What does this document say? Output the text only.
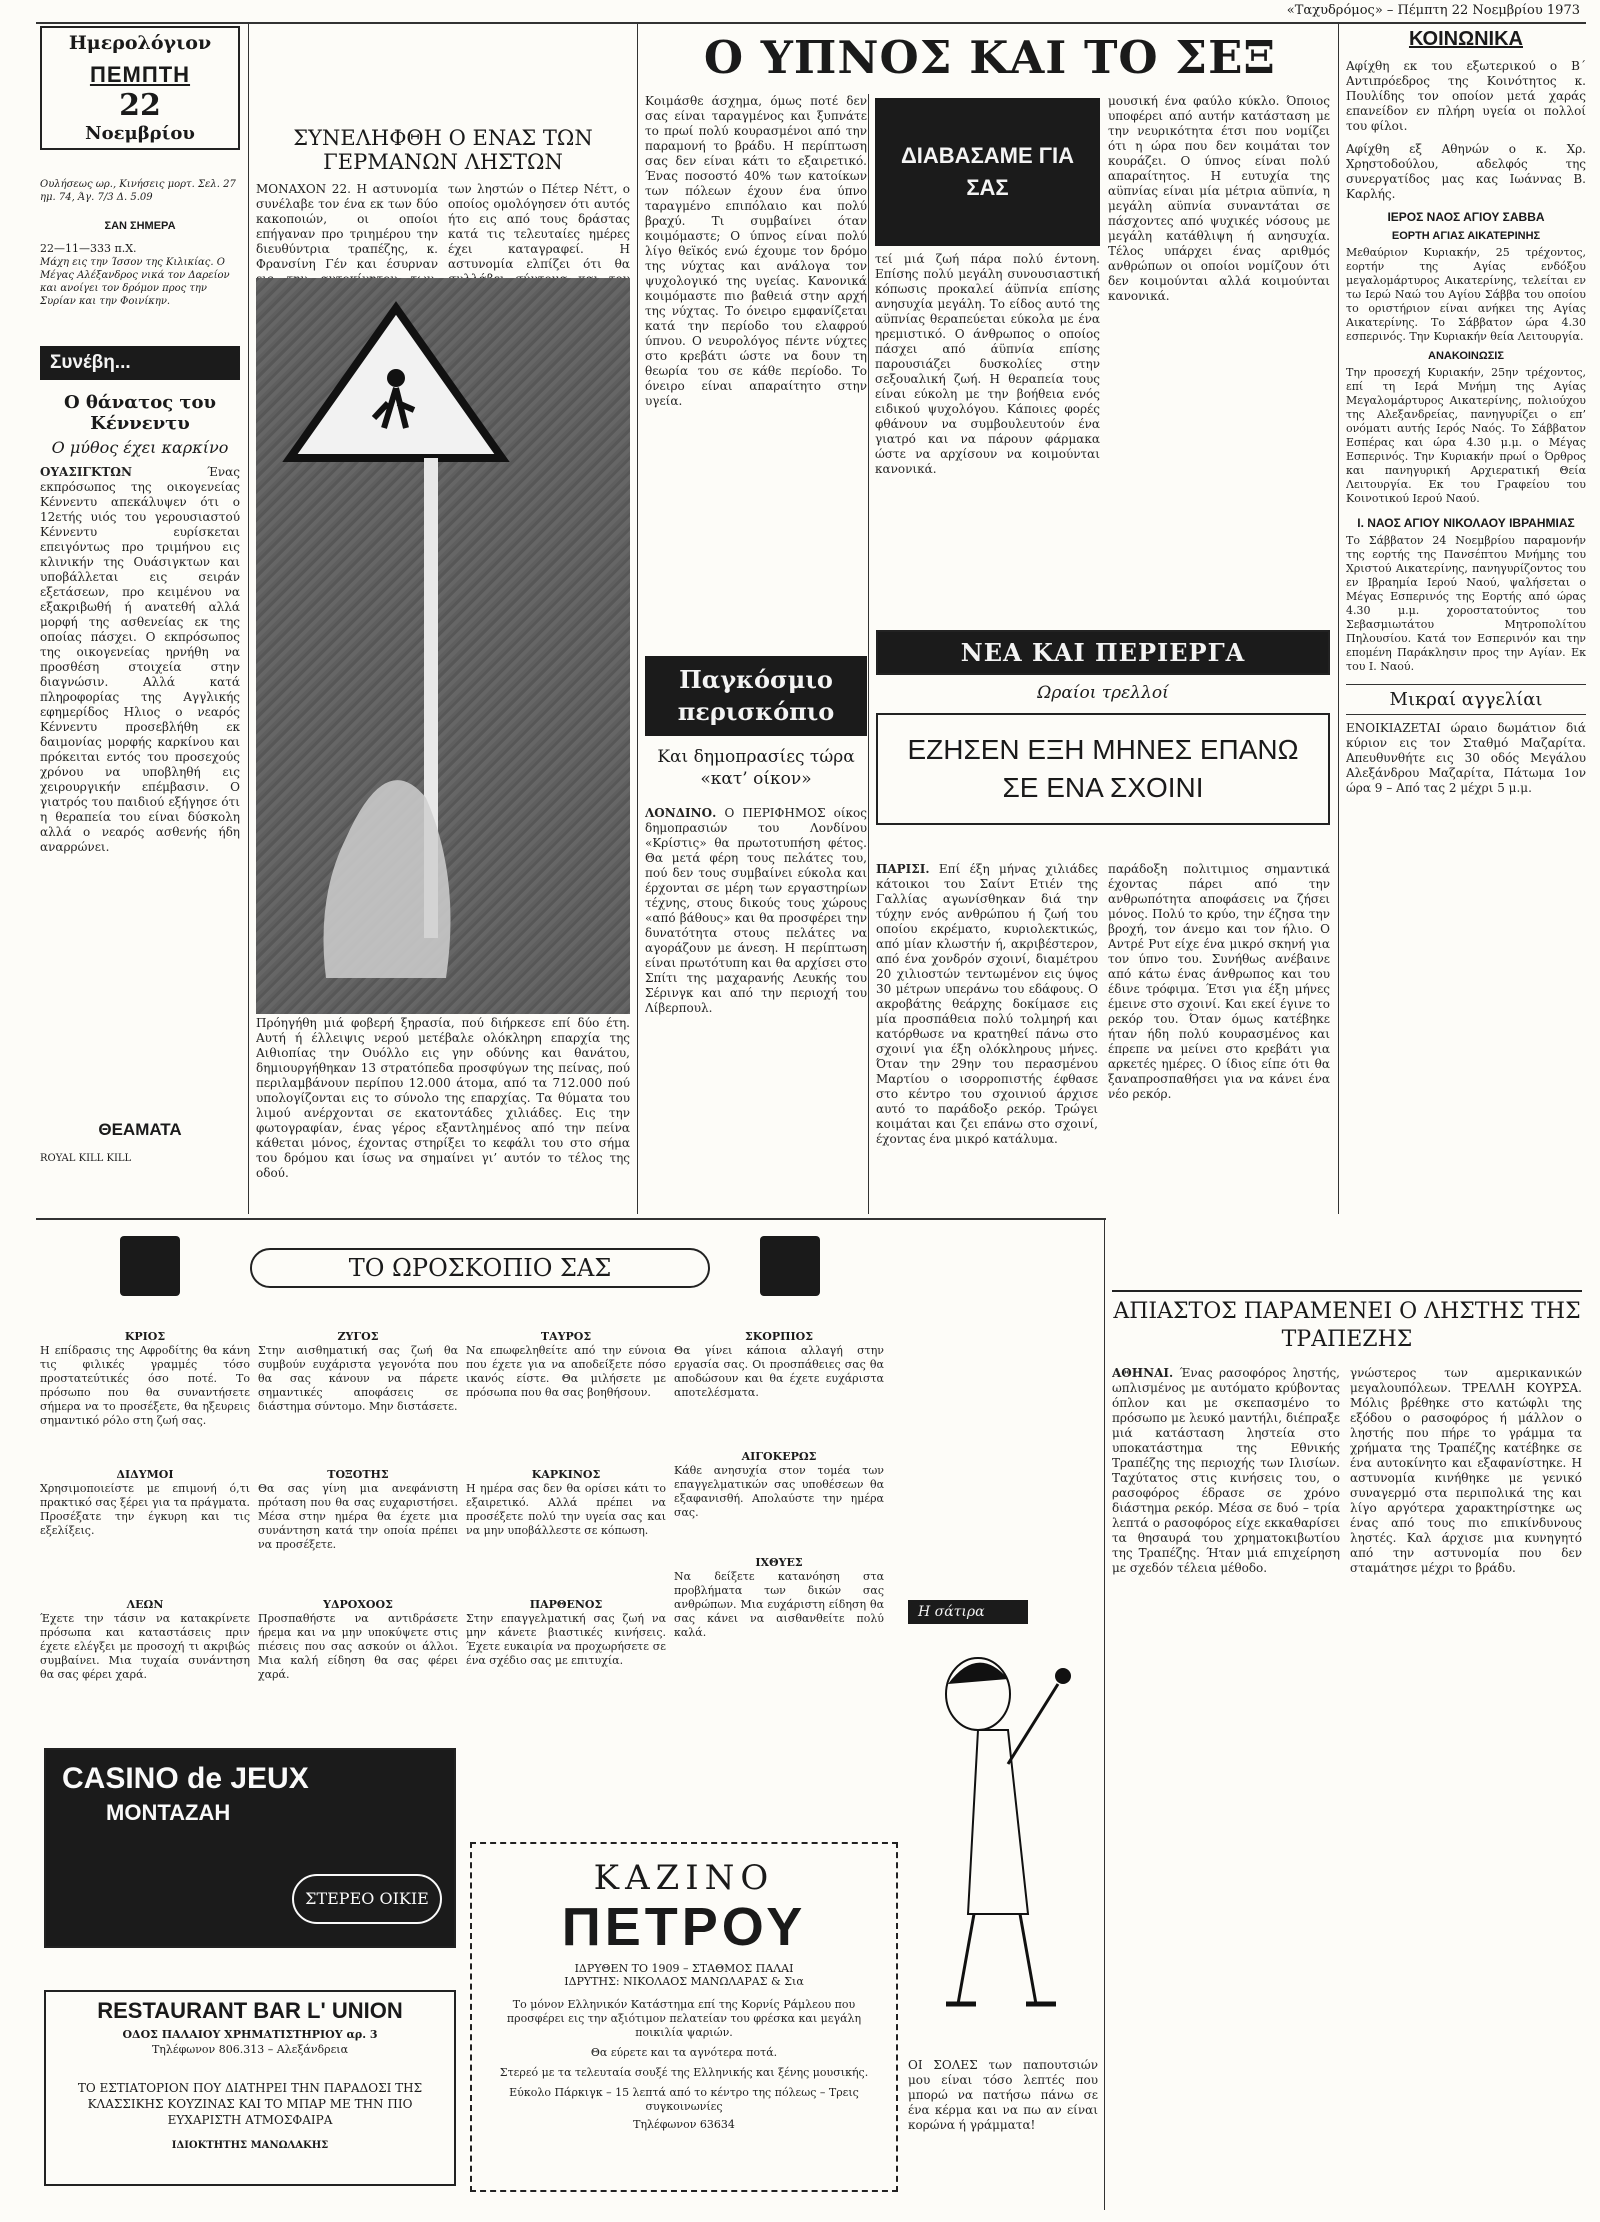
«Ταχυδρόμος» – Πέμπτη 22 Νοεμβρίου 1973
Ημερολόγιον
ΠΕΜΠΤΗ
22
Νοεμβρίου
Ουλήσεως ωρ., Κινήσεις μορτ. Σελ. 27 ημ. 74, Άγ. 7/3 Δ. 5.09
ΣΑΝ ΣΗΜΕΡΑ
22—11—333 π.Χ.
Μάχη εις την Ίσσον της Κιλικίας. Ο Μέγας Αλέξανδρος νικά τον Δαρείον και ανοίγει τον δρόμον προς την Συρίαν και την Φοινίκην.
Συνέβη...
Ο θάνατος του Κέννεντυ
Ο μύθος έχει καρκίνο
ΟΥΑΣΙΓΚΤΩΝ	Ένας εκπρόσωπος της οικογενείας Κέννεντυ απεκάλυψεν ότι ο 12ετής υιός του γερουσιαστού Κέννεντυ ευρίσκεται επειγόντως προ τριμήνου εις κλινικήν της Ουάσιγκτων και υποβάλλεται εις σειράν εξετάσεων, προ κειμένου να εξακριβωθή ή ανατεθή αλλά μορφή της ασθενείας εκ της οποίας πάσχει. Ο εκπρόσωπος της οικογενείας ηρνήθη να προσθέση στοιχεία στην διαγνώσιν. Αλλά κατά πληροφορίας της Αγγλικής εφημερίδος Ηλιος ο νεαρός Κέννεντυ προσεβλήθη εκ δαιμονίας μορφής καρκίνου και πρόκειται εντός του προσεχούς χρόνου να υποβληθή εις χειρουργικήν επέμβασιν. Ο γιατρός του παιδιού εξήγησε ότι η θεραπεία του είναι δύσκολη αλλά ο νεαρός ασθενής ήδη αναρρώνει.
ΘΕΑΜΑΤΑ
ROYAL KILL KILL
ΣΥΝΕΛΗΦΘΗ Ο ΕΝΑΣ ΤΩΝ ΓΕΡΜΑΝΩΝ ΛΗΣΤΩΝ
ΜΟΝΑΧΟΝ 22. Η αστυνομία συνέλαβε τον ένα εκ των δύο κακοποιών, οι οποίοι επήγαναν προ τριημέρου την διευθύντρια τραπέζης, κ. Φρανσίνη Γέν και έσυρναν των ληστών ο Πέτερ Νέττ, ο οποίος ομολόγησεν ότι αυτός ήτο εις από τους δράστας κατά τις τελευταίες ημέρες έχει καταγραφεί. Η αστυνομία ελπίζει ότι θα
Πρόηγήθη μιά φοβερή ξηρασία, πού διήρκεσε επί δύο έτη. Αυτή ή έλλειψις νερού μετέβαλε ολόκληρη επαρχία της Αιθιοπίας την Ουόλλο εις γην οδύνης και θανάτου, δημιουργήθηκαν 13 στρατόπεδα προσφύγων της πείνας, πού περιλαμβάνουν περίπου 12.000 άτομα, από τα 712.000 πού υπολογίζονται εις το σύνολο της επαρχίας. Τα θύματα του λιμού ανέρχονται σε εκατοντάδες χιλιάδες. Εις την φωτογραφίαν, ένας γέρος εξαντλημένος από την πείνα κάθεται μόνος, έχοντας στηρίξει το κεφάλι του στο σήμα του δρόμου και ίσως να σημαίνει γι’ αυτόν το τέλος της οδού.
Ο ΥΠΝΟΣ ΚΑΙ ΤΟ ΣΕΞ
Κοιμάσθε άσχημα, όμως ποτέ δεν σας είναι ταραγμένος και ξυπνάτε το πρωί πολύ κουρασμένοι από την παραμονή το βράδυ. Η περίπτωση σας δεν είναι κάτι το εξαιρετικό. Ένας ποσοστό 40% των κατοίκων των πόλεων έχουν ένα ύπνο ταραγμένο επιπόλαιο και πολύ βραχύ. Τι συμβαίνει όταν κοιμόμαστε; Ο ύπνος είναι πολύ λίγο θεϊκός ενώ έχουμε τον δρόμο της νύχτας και ανάλογα τον ψυχολογικό της υγείας. Κανονικά κοιμόμαστε πιο βαθειά στην αρχή της νύχτας. Το όνειρο εμφανίζεται κατά την περίοδο του ελαφρού ύπνου. Ο νευρολόγος πέντε νύχτες στο κρεβάτι ώστε να δουν τη θεωρία του σε κάθε περίοδο. Το όνειρο είναι απαραίτητο στην υγεία.
ΔΙΑΒΑΣΑΜΕ ΓΙΑ ΣΑΣ
τεί μιά ζωή πάρα πολύ έντονη. Επίσης πολύ μεγάλη συνουσιαστική κόπωσις προκαλεί άϋπνία επίσης ανησυχία μεγάλη. Το είδος αυτό της αϋπνίας θεραπεύεται εύκολα με ένα ηρεμιστικό. Ο άνθρωπος ο οποίος πάσχει από άϋπνία επίσης παρουσιάζει δυσκολίες στην σεξουαλική ζωή. Η θεραπεία τους είναι εύκολη με την βοήθεια ενός ειδικού ψυχολόγου. Κάποιες φορές φθάνουν να συμβουλευτούν ένα γιατρό και να πάρουν φάρμακα ώστε να αρχίσουν να κοιμούνται κανονικά.
μουσική ένα φαύλο κύκλο. Όποιος υποφέρει από αυτήν κατάσταση με την νευρικότητα έτσι που νομίζει ότι η ώρα που δεν κοιμάται τον κουράζει. Ο ύπνος είναι πολύ απαραίτητος. Η ευτυχία της αϋπνίας είναι μία μέτρια αϋπνία, η μεγάλη αϋπνία συναντάται σε πάσχοντες από ψυχικές νόσους με μεγάλη κατάθλιψη ή ανησυχία. Τέλος υπάρχει ένας αριθμός ανθρώπων οι οποίοι νομίζουν ότι δεν κοιμούνται αλλά κοιμούνται κανονικά.
Παγκόσμιο περισκόπιο
Και δημοπρασίες τώρα «κατ’ οίκον»
ΛΟΝΔΙΝΟ. Ο ΠΕΡΙΦΗΜΟΣ οίκος δημοπρασιών του Λονδίνου «Κρίστις» θα πρωτοτυπήση φέτος. Θα μετά φέρη τους πελάτες του, πού δεν τους συμβαίνει εύκολα και έρχονται σε μέρη των εργαστηρίων τέχνης, στους δικούς τους χώρους «από βάθους» και θα προσφέρει την δυνατότητα στους πελάτες να αγοράζουν με άνεση. Η περίπτωση είναι πρωτότυπη και θα αρχίσει στο Σπίτι της μαχαρανής Λευκής του Σέρινγκ και από την περιοχή του Λίβερπουλ.
ΝΕΑ ΚΑΙ ΠΕΡΙΕΡΓΑ
Ωραίοι τρελλοί
ΕΖΗΣΕΝ ΕΞΗ ΜΗΝΕΣ ΕΠΑΝΩ ΣΕ ΕΝΑ ΣΧΟΙΝΙ
ΠΑΡΙΣΙ. Επί έξη μήνας χιλιάδες κάτοικοι του Σαίντ Ετιέν της Γαλλίας αγωνίσθηκαν διά την τύχην ενός ανθρώπου ή ζωή του οποίου εκρέματο, κυριολεκτικώς, από μίαν κλωστήν ή, ακριβέστερον, από ένα χονδρόν σχοινί, διαμέτρου 20 χιλιοστών τεντωμένον εις ύψος 30 μέτρων υπεράνω του εδάφους. Ο ακροβάτης θεάρχης δοκίμασε εις μία προσπάθεια πολύ τολμηρή και κατόρθωσε να κρατηθεί πάνω στο σχοινί για έξη ολόκληρους μήνες. Όταν την 29ην του περασμένου Μαρτίου ο ισορροπιστής έφθασε στο κέντρο του σχοινιού άρχισε αυτό το παράδοξο ρεκόρ. Τρώγει κοιμάται και ζει επάνω στο σχοινί, έχοντας ένα μικρό κατάλυμα.
παράδοξη πολιτιμιος σημαντικά έχοντας πάρει από την ανθρωπότητα αποφάσεις να ζήσει μόνος. Πολύ το κρύο, την έζησα την βροχή, τον άνεμο και τον ήλιο. Ο Αντρέ Ρυτ είχε ένα μικρό σκηνή για τον ύπνο του. Συνήθως ανέβαινε από κάτω ένας άνθρωπος και του έδινε τρόφιμα. Έτσι για έξη μήνες έμεινε στο σχοινί. Και εκεί έγινε το ρεκόρ του. Όταν όμως κατέβηκε ήταν ήδη πολύ κουρασμένος και έπρεπε να μείνει στο κρεβάτι για αρκετές ημέρες. Ο ίδιος είπε ότι θα ξαναπροσπαθήσει για να κάνει ένα νέο ρεκόρ.
ΚΟΙΝΩΝΙΚΑ
Αφίχθη εκ του εξωτερικού ο Β΄ Αντιπρόεδρος της Κοινότητος κ. Πουλίδης τον οποίον μετά χαράς επανείδον εν πλήρη υγεία οι πολλοί του φίλοι.
Αφίχθη εξ Αθηνών ο κ. Χρ. Χρηστοδούλου, αδελφός της συνεργατίδος μας κας Ιωάννας Β. Καρλής.
ΙΕΡΟΣ ΝΑΟΣ ΑΓΙΟΥ ΣΑΒΒΑ
ΕΟΡΤΗ ΑΓΙΑΣ ΑΙΚΑΤΕΡΙΝΗΣ
Μεθαύριον Κυριακήν, 25 τρέχοντος, εορτήν της Αγίας ενδόξου μεγαλομάρτυρος Αικατερίνης, τελείται εν τω Ιερώ Ναώ του Αγίου Σάββα του οποίου το οριστήριον είναι ανήκει της Αγίας Αικατερίνης. Το Σάββατον ώρα 4.30 εσπερινός. Την Κυριακήν θεία Λειτουργία.
ΑΝΑΚΟΙΝΩΣΙΣ
Την προσεχή Κυριακήν, 25ην τρέχοντος, επί τη Ιερά Μνήμη της Αγίας Μεγαλομάρτυρος Αικατερίνης, πολιούχου της Αλεξανδρείας, πανηγυρίζει ο επ’ ονόματι αυτής Ιερός Ναός. Το Σάββατον Εσπέρας και ώρα 4.30 μ.μ. ο Μέγας Εσπερινός. Την Κυριακήν πρωί ο Όρθρος και πανηγυρική Αρχιερατική Θεία Λειτουργία. Εκ του Γραφείου του Κοινοτικού Ιερού Ναού.
Ι. ΝΑΟΣ ΑΓΙΟΥ ΝΙΚΟΛΑΟΥ ΙΒΡΑΗΜΙΑΣ
Το Σάββατον 24 Νοεμβρίου παραμονήν της εορτής της Πανσέπτου Μνήμης του Χριστού Αικατερίνης, πανηγυρίζοντος του εν Ιβραημία Ιερού Ναού, ψαλήσεται ο Μέγας Εσπερινός της Εορτής από ώρας 4.30 μ.μ. χοροστατούντος του Σεβασμιωτάτου Μητροπολίτου Πηλουσίου. Κατά τον Εσπερινόν και την επομένη Παράκλησιν προς την Αγίαν. Εκ του Ι. Ναού.
Μικραί αγγελίαι
ΕΝΟΙΚΙΑΖΕΤΑΙ ώραιο δωμάτιον διά κύριον εις τον Σταθμό Μαζαρίτα. Απευθυνθήτε εις 30 οδός Μεγάλου Αλεξάνδρου Μαζαρίτα, Πάτωμα 1ον ώρα 9 – Από τας 2 μέχρι 5 μ.μ.
ΤΟ ΩΡΟΣΚΟΠΙΟ ΣΑΣ
ΚΡΙΟΣ
Η επίδρασις της Αφροδίτης θα κάνη τις φιλικές γραμμές τόσο προστατεύτικές όσο ποτέ. Το πρόσωπο που θα συναντήσετε σήμερα να το προσέξετε, θα ηξευρεις σημαντικό ρόλο στη ζωή σας.
ΔΙΔΥΜΟΙ
Χρησιμοποιείστε με επιμονή ό,τι πρακτικό σας ξέρει για τα πράγματα. Προσέξατε την έγκυρη και τις εξελίξεις.
ΛΕΩΝ
Έχετε την τάσιν να κατακρίνετε πρόσωπα και καταστάσεις πριν έχετε ελέγξει με προσοχή τι ακριβώς συμβαίνει. Μια τυχαία συνάντηση θα σας φέρει χαρά.
ΖΥΓΟΣ
Στην αισθηματική σας ζωή θα συμβούν ευχάριστα γεγονότα που θα σας κάνουν να πάρετε σημαντικές αποφάσεις σε διάστημα σύντομο. Μην διστάσετε.
ΤΟΞΟΤΗΣ
Θα σας γίνη μια ανεφάνιστη πρόταση που θα σας ευχαριστήσει. Μέσα στην ημέρα θα έχετε μια συνάντηση κατά την οποία πρέπει να προσέξετε.
ΥΔΡΟΧΟΟΣ
Προσπαθήστε να αντιδράσετε ήρεμα και να μην υποκύψετε στις πιέσεις που σας ασκούν οι άλλοι. Μια καλή είδηση θα σας φέρει χαρά.
ΤΑΥΡΟΣ
Να επωφεληθείτε από την εύνοια που έχετε για να αποδείξετε πόσο ικανός είστε. Θα μιλήσετε με πρόσωπα που θα σας βοηθήσουν.
ΚΑΡΚΙΝΟΣ
Η ημέρα σας δεν θα ορίσει κάτι το εξαιρετικό. Αλλά πρέπει να προσέξετε πολύ την υγεία σας και να μην υποβάλλεστε σε κόπωση.
ΠΑΡΘΕΝΟΣ
Στην επαγγελματική σας ζωή να μην κάνετε βιαστικές κινήσεις. Έχετε ευκαιρία να προχωρήσετε σε ένα σχέδιο σας με επιτυχία.
ΣΚΟΡΠΙΟΣ
Θα γίνει κάποια αλλαγή στην εργασία σας. Οι προσπάθειες σας θα αποδώσουν και θα έχετε ευχάριστα αποτελέσματα.
ΑΙΓΟΚΕΡΩΣ
Κάθε ανησυχία στον τομέα των επαγγελματικών σας υποθέσεων θα εξαφανισθή. Απολαύστε την ημέρα σας.
ΙΧΘΥΕΣ
Να δείξετε κατανόηση στα προβλήματα των δικών σας ανθρώπων. Μια ευχάριστη είδηση θα σας κάνει να αισθανθείτε πολύ καλά.
CASINO de JEUX
MONTAZAH
ΣΤΕΡΕΟ ΟΙΚΙΕ
RESTAURANT BAR L' UNION
ΟΔΟΣ ΠΑΛΑΙΟΥ ΧΡΗΜΑΤΙΣΤΗΡΙΟΥ αρ. 3
Τηλέφωνον 806.313 – Αλεξάνδρεια
ΤΟ ΕΣΤΙΑΤΟΡΙΟΝ ΠΟΥ ΔΙΑΤΗΡΕΙ ΤΗΝ ΠΑΡΑΔΟΣΙ ΤΗΣ ΚΛΑΣΣΙΚΗΣ ΚΟΥΖΙΝΑΣ ΚΑΙ ΤΟ ΜΠΑΡ ΜΕ ΤΗΝ ΠΙΟ ΕΥΧΑΡΙΣΤΗ ΑΤΜΟΣΦΑΙΡΑ
ΙΔΙΟΚΤΗΤΗΣ ΜΑΝΩΛΑΚΗΣ
ΚΑΖΙΝΟ
ΠΕΤΡΟΥ
ΙΔΡΥΘΕΝ ΤΟ 1909 – ΣΤΑΘΜΟΣ ΠΑΛΑΙ
ΙΔΡΥΤΗΣ: ΝΙΚΟΛΑΟΣ ΜΑΝΩΛΑΡΑΣ & Σια
Το μόνον Ελληνικόν Κατάστημα επί της Κορνίς Ράμλεου που προσφέρει εις την αξιότιμον πελατείαν του φρέσκα και μεγάλη ποικιλία ψαριών.
Θα εύρετε και τα αγνότερα ποτά.
Στερεό με τα τελευταία σουξέ της Ελληνικής και ξένης μουσικής.
Εύκολο Πάρκιγκ – 15 λεπτά από το κέντρο της πόλεως – Τρεις συγκοινωνίες
Τηλέφωνον 63634
Η σάτιρα
ΟΙ ΣΟΛΕΣ των παπουτσιών μου είναι τόσο λεπτές που μπορώ να πατήσω πάνω σε ένα κέρμα και να πω αν είναι κορώνα ή γράμματα!
ΑΠΙΑΣΤΟΣ ΠΑΡΑΜΕΝΕΙ Ο ΛΗΣΤΗΣ ΤΗΣ ΤΡΑΠΕΖΗΣ
ΑΘΗΝΑΙ. Ένας ρασοφόρος ληστής, ωπλισμένος με αυτόματο κρύβοντας όπλον και με σκεπασμένο το πρόσωπο με λευκό μαντήλι, διέπραξε μιά κατάσταση ληστεία στο υποκατάστημα της Εθνικής Τραπέζης της περιοχής των Ιλισίων. Ταχύτατος στις κινήσεις του, ο ρασοφόρος έδρασε σε χρόνο διάστημα ρεκόρ. Μέσα σε δυό – τρία λεπτά ο ρασοφόρος είχε εκκαθαρίσει τα θησαυρά του χρηματοκιβωτίου της Τραπέζης. Ήταν μιά επιχείρηση με σχεδόν τέλεια μέθοδο.
γνώστερος των αμερικανικών μεγαλουπόλεων. ΤΡΕΛΛΗ ΚΟΥΡΣΑ. Μόλις βρέθηκε στο κατώφλι της εξόδου ο ρασοφόρος ή μάλλον ο ληστής που πήρε το γράμμα τα χρήματα της Τραπέζης κατέβηκε σε ένα αυτοκίνητο και εξαφανίστηκε. Η αστυνομία κινήθηκε με γενικό συναγερμό στα περιπολικά της και λίγο αργότερα χαρακτηρίστηκε ως ένας από τους πιο επικίνδυνους ληστές. Καλ άρχισε μια κυνηγητό από την αστυνομία που δεν σταμάτησε μέχρι το βράδυ.
